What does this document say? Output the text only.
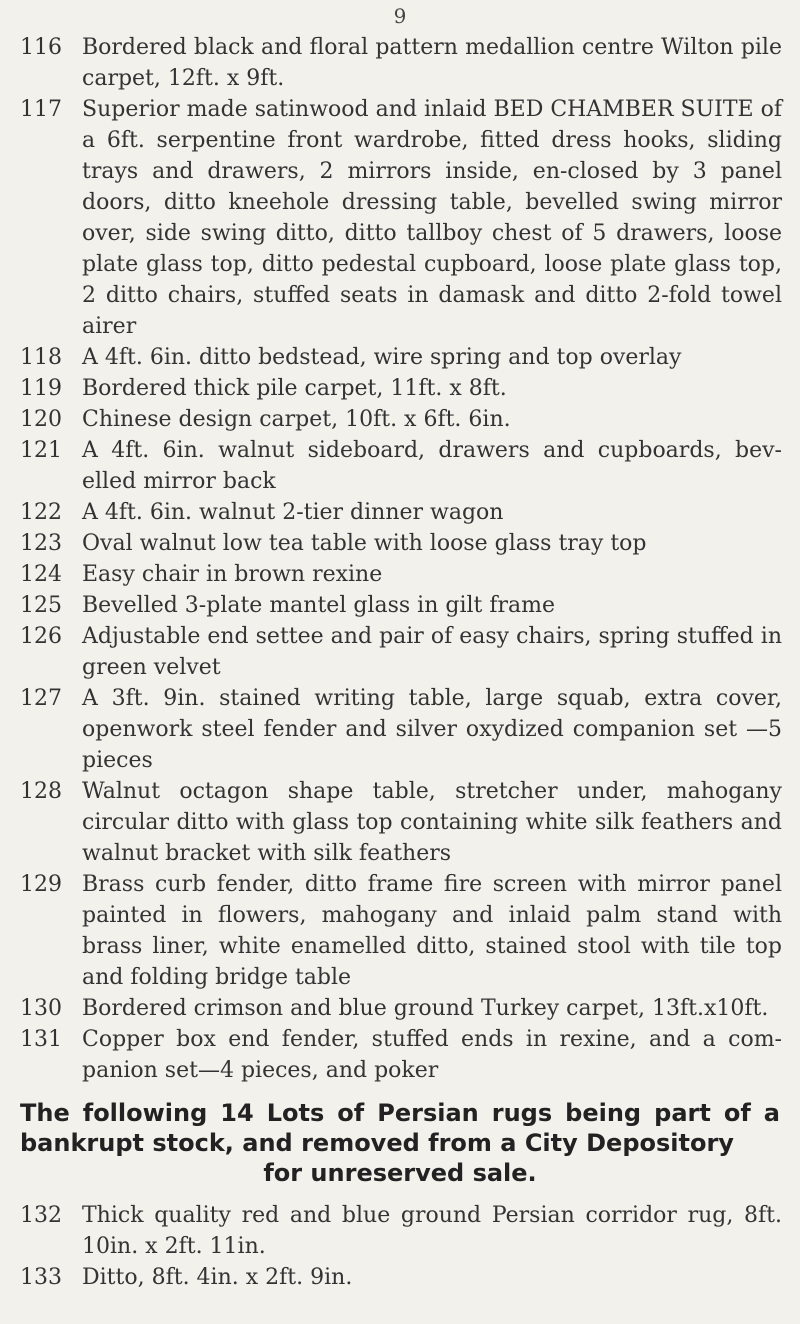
9
116 Bordered black and floral pattern medallion centre Wilton pile carpet, 12ft. x 9ft.
117 Superior made satinwood and inlaid BED CHAMBER SUITE of a 6ft. serpentine front wardrobe, fitted dress hooks, sliding trays and drawers, 2 mirrors inside, en-closed by 3 panel doors, ditto kneehole dressing table, bevelled swing mirror over, side swing ditto, ditto tallboy chest of 5 drawers, loose plate glass top, ditto pedestal cupboard, loose plate glass top, 2 ditto chairs, stuffed seats in damask and ditto 2-fold towel airer
118 A 4ft. 6in. ditto bedstead, wire spring and top overlay
119 Bordered thick pile carpet, 11ft. x 8ft.
120 Chinese design carpet, 10ft. x 6ft. 6in.
121 A 4ft. 6in. walnut sideboard, drawers and cupboards, bev-elled mirror back
122 A 4ft. 6in. walnut 2-tier dinner wagon
123 Oval walnut low tea table with loose glass tray top
124 Easy chair in brown rexine
125 Bevelled 3-plate mantel glass in gilt frame
126 Adjustable end settee and pair of easy chairs, spring stuffed in green velvet
127 A 3ft. 9in. stained writing table, large squab, extra cover, openwork steel fender and silver oxydized companion set —5 pieces
128 Walnut octagon shape table, stretcher under, mahogany circular ditto with glass top containing white silk feathers and walnut bracket with silk feathers
129 Brass curb fender, ditto frame fire screen with mirror panel painted in flowers, mahogany and inlaid palm stand with brass liner, white enamelled ditto, stained stool with tile top and folding bridge table
130 Bordered crimson and blue ground Turkey carpet, 13ft.x10ft.
131 Copper box end fender, stuffed ends in rexine, and a com-panion set—4 pieces, and poker
The following 14 Lots of Persian rugs being part of a bankrupt stock, and removed from a City Depository
for unreserved sale.
132 Thick quality red and blue ground Persian corridor rug, 8ft. 10in. x 2ft. 11in.
133 Ditto, 8ft. 4in. x 2ft. 9in.
